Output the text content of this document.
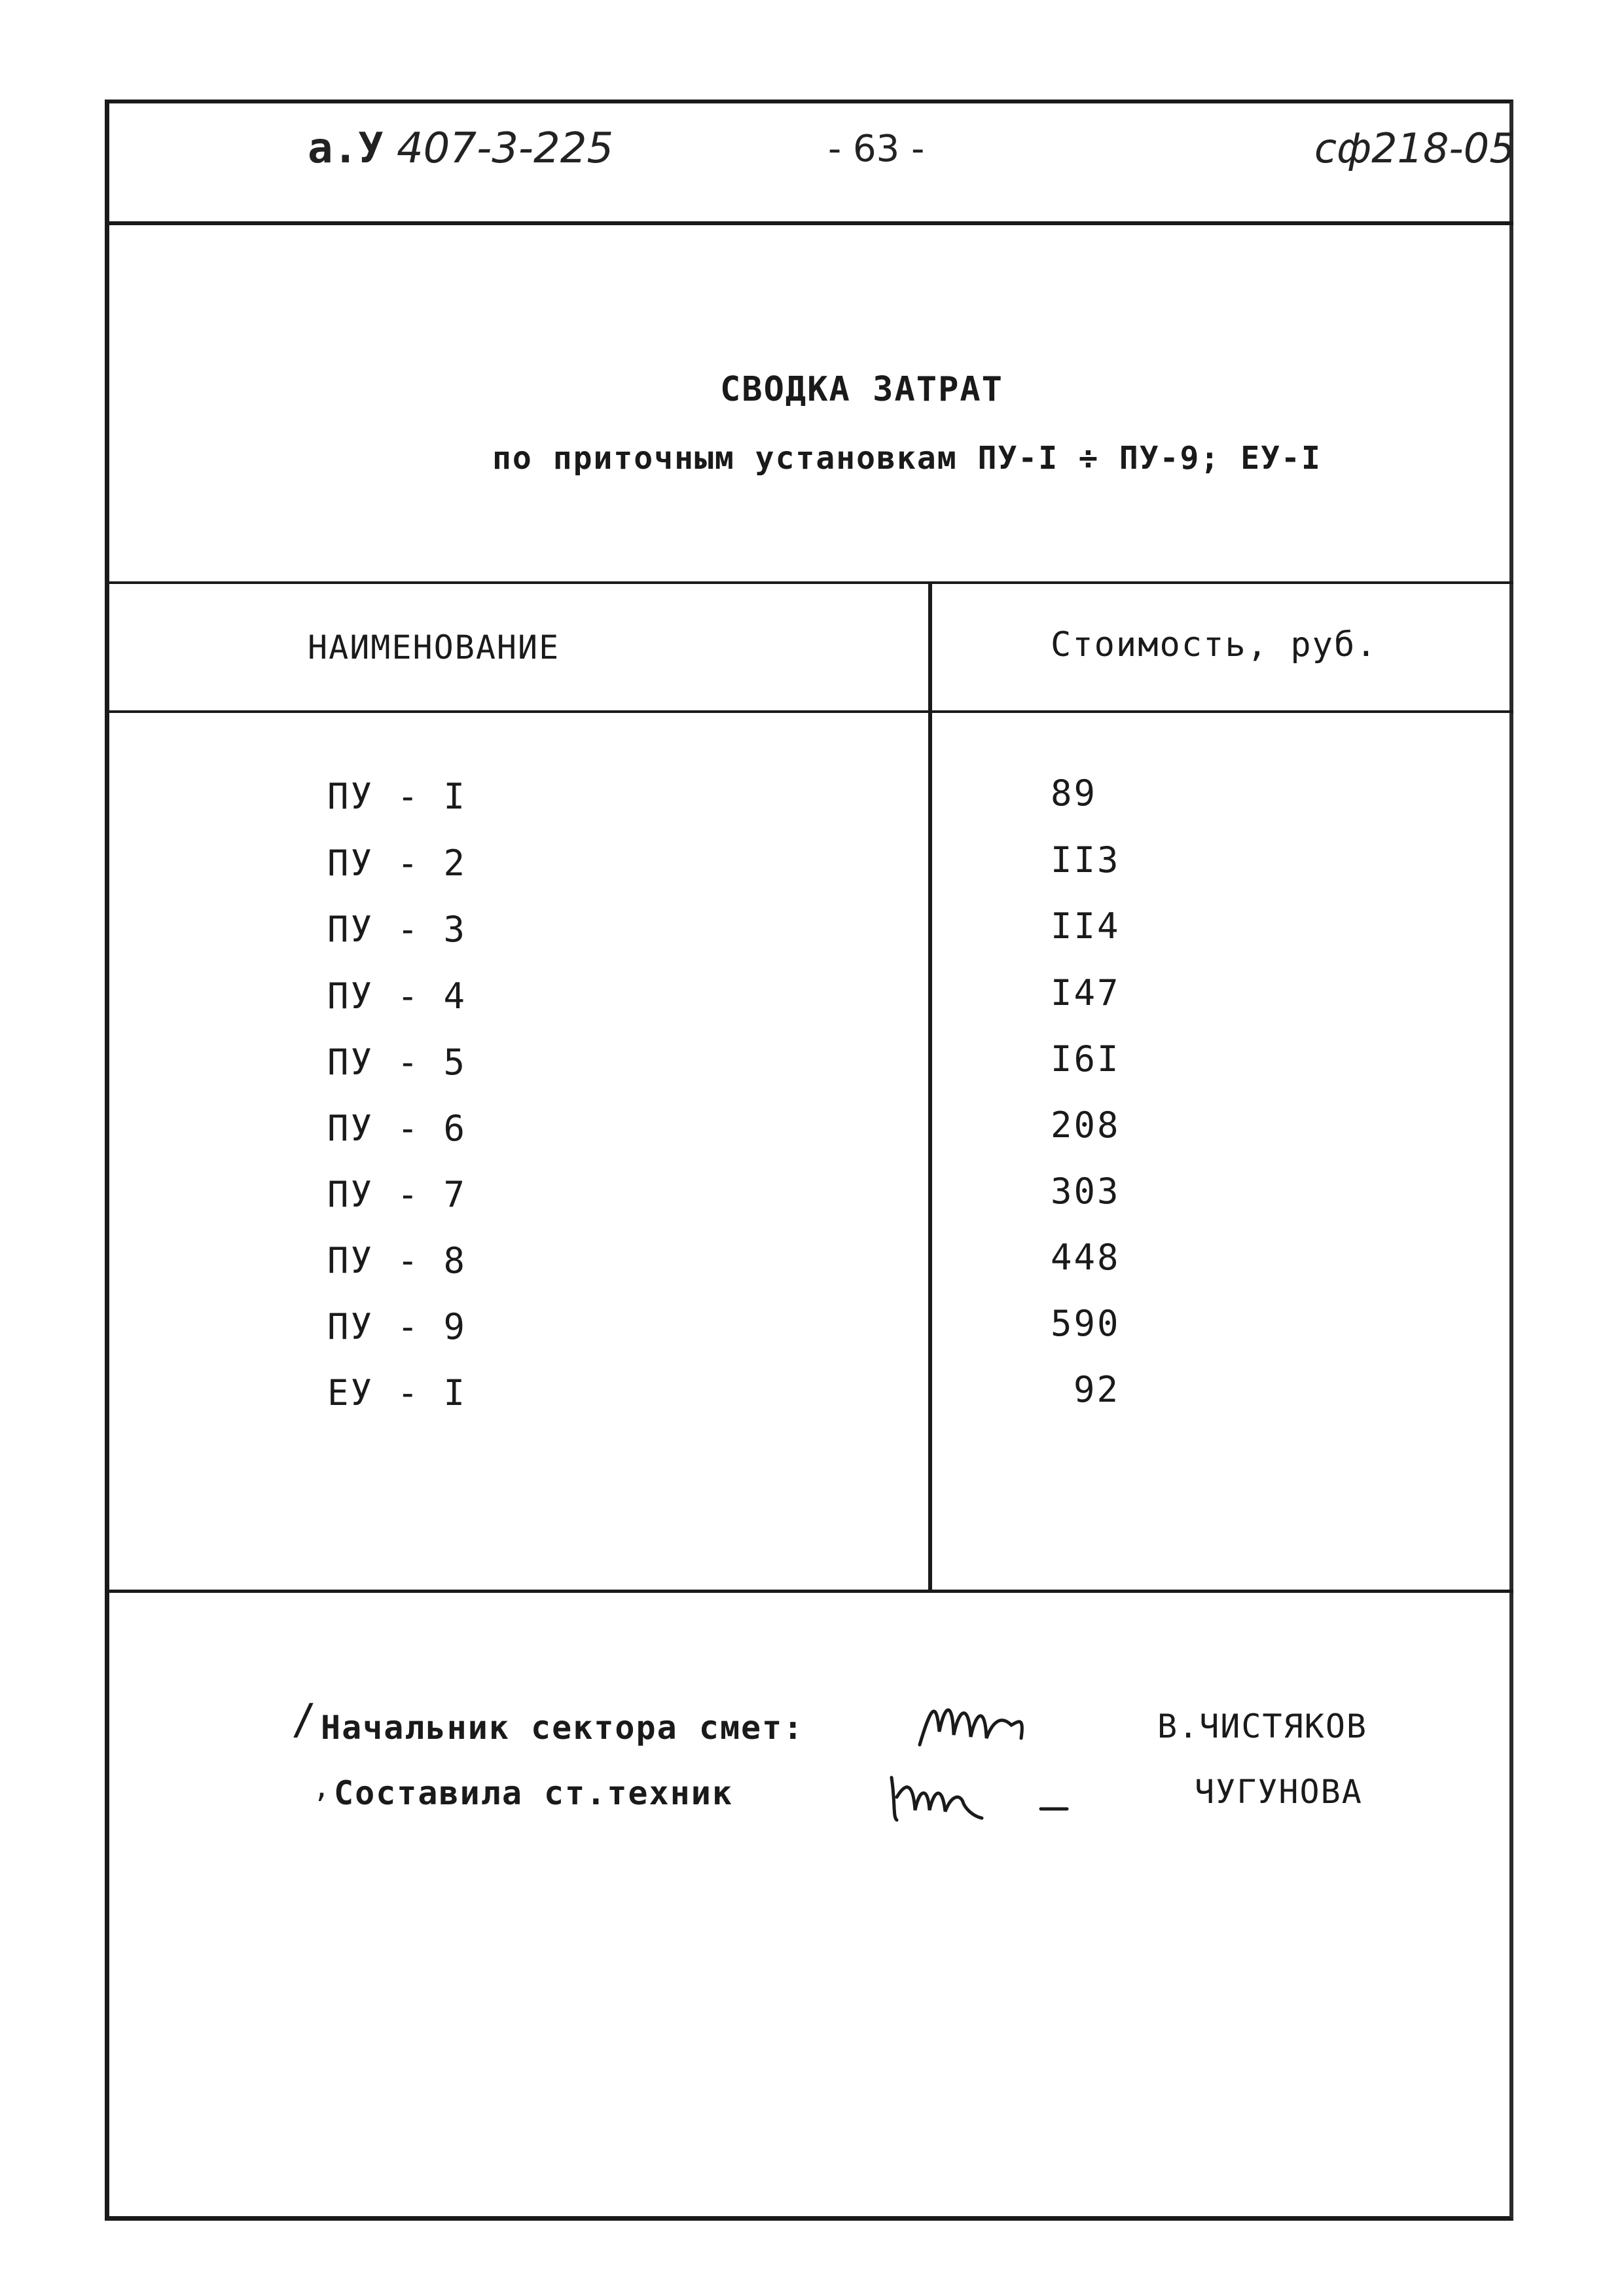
a.У 407-3-225	- 63 -	сф218-05
СВОДКА ЗАТРАТ
по приточным установкам ПУ-I ÷ ПУ-9; ЕУ-I
НАИМЕНОВАНИЕ	Стоимость, руб.
ПУ - I	89
ПУ - 2	II3
ПУ - 3	II4
ПУ - 4	I47
ПУ - 5	I6I
ПУ - 6	208
ПУ - 7	303
ПУ - 8	448
ПУ - 9	590
ЕУ - I	92
/ Начальник сектора смет:	В.ЧИСТЯКОВ
, Составила ст.техник	ЧУГУНОВА
